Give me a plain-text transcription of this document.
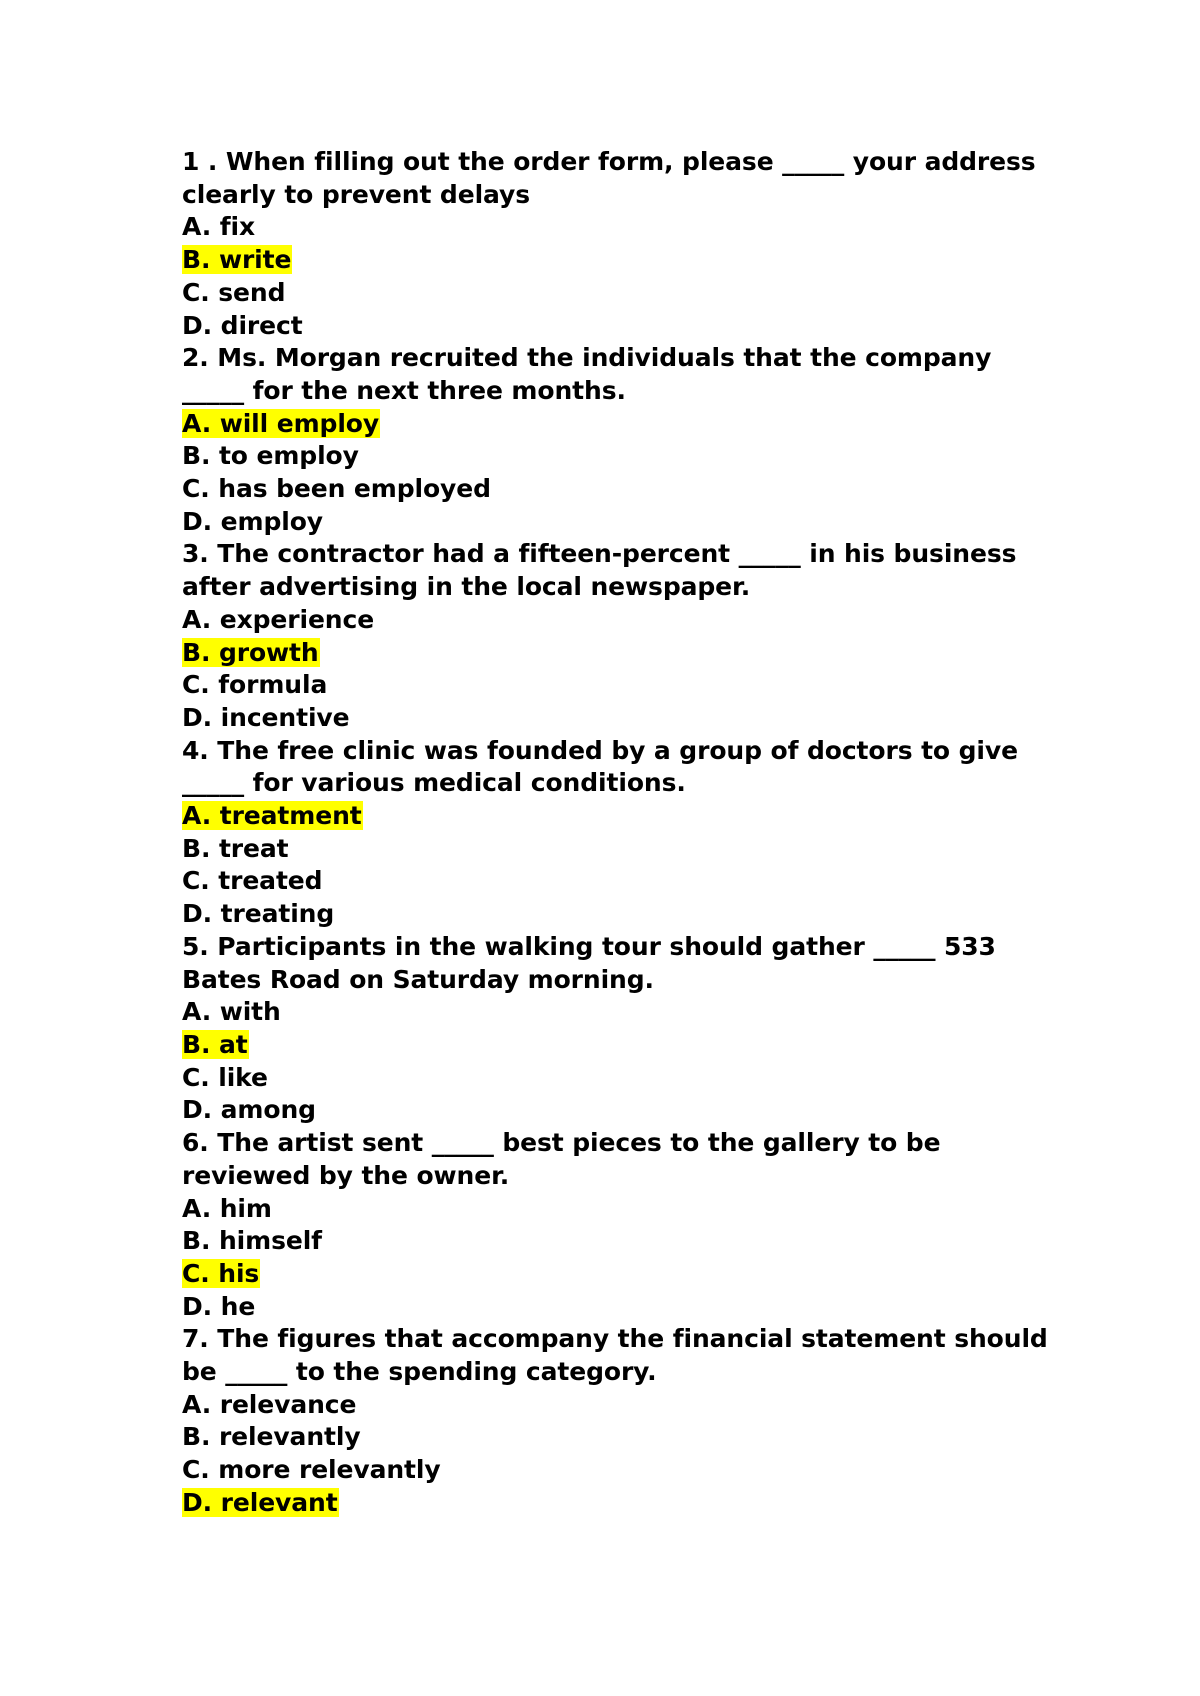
1 . When filling out the order form, please _____ your address
clearly to prevent delays
A. fix
B. write
C. send
D. direct
2. Ms. Morgan recruited the individuals that the company
_____ for the next three months.
A. will employ
B. to employ
C. has been employed
D. employ
3. The contractor had a fifteen-percent _____ in his business
after advertising in the local newspaper.
A. experience
B. growth
C. formula
D. incentive
4. The free clinic was founded by a group of doctors to give
_____ for various medical conditions.
A. treatment
B. treat
C. treated
D. treating
5. Participants in the walking tour should gather _____ 533
Bates Road on Saturday morning.
A. with
B. at
C. like
D. among
6. The artist sent _____ best pieces to the gallery to be
reviewed by the owner.
A. him
B. himself
C. his
D. he
7. The figures that accompany the financial statement should
be _____ to the spending category.
A. relevance
B. relevantly
C. more relevantly
D. relevant
